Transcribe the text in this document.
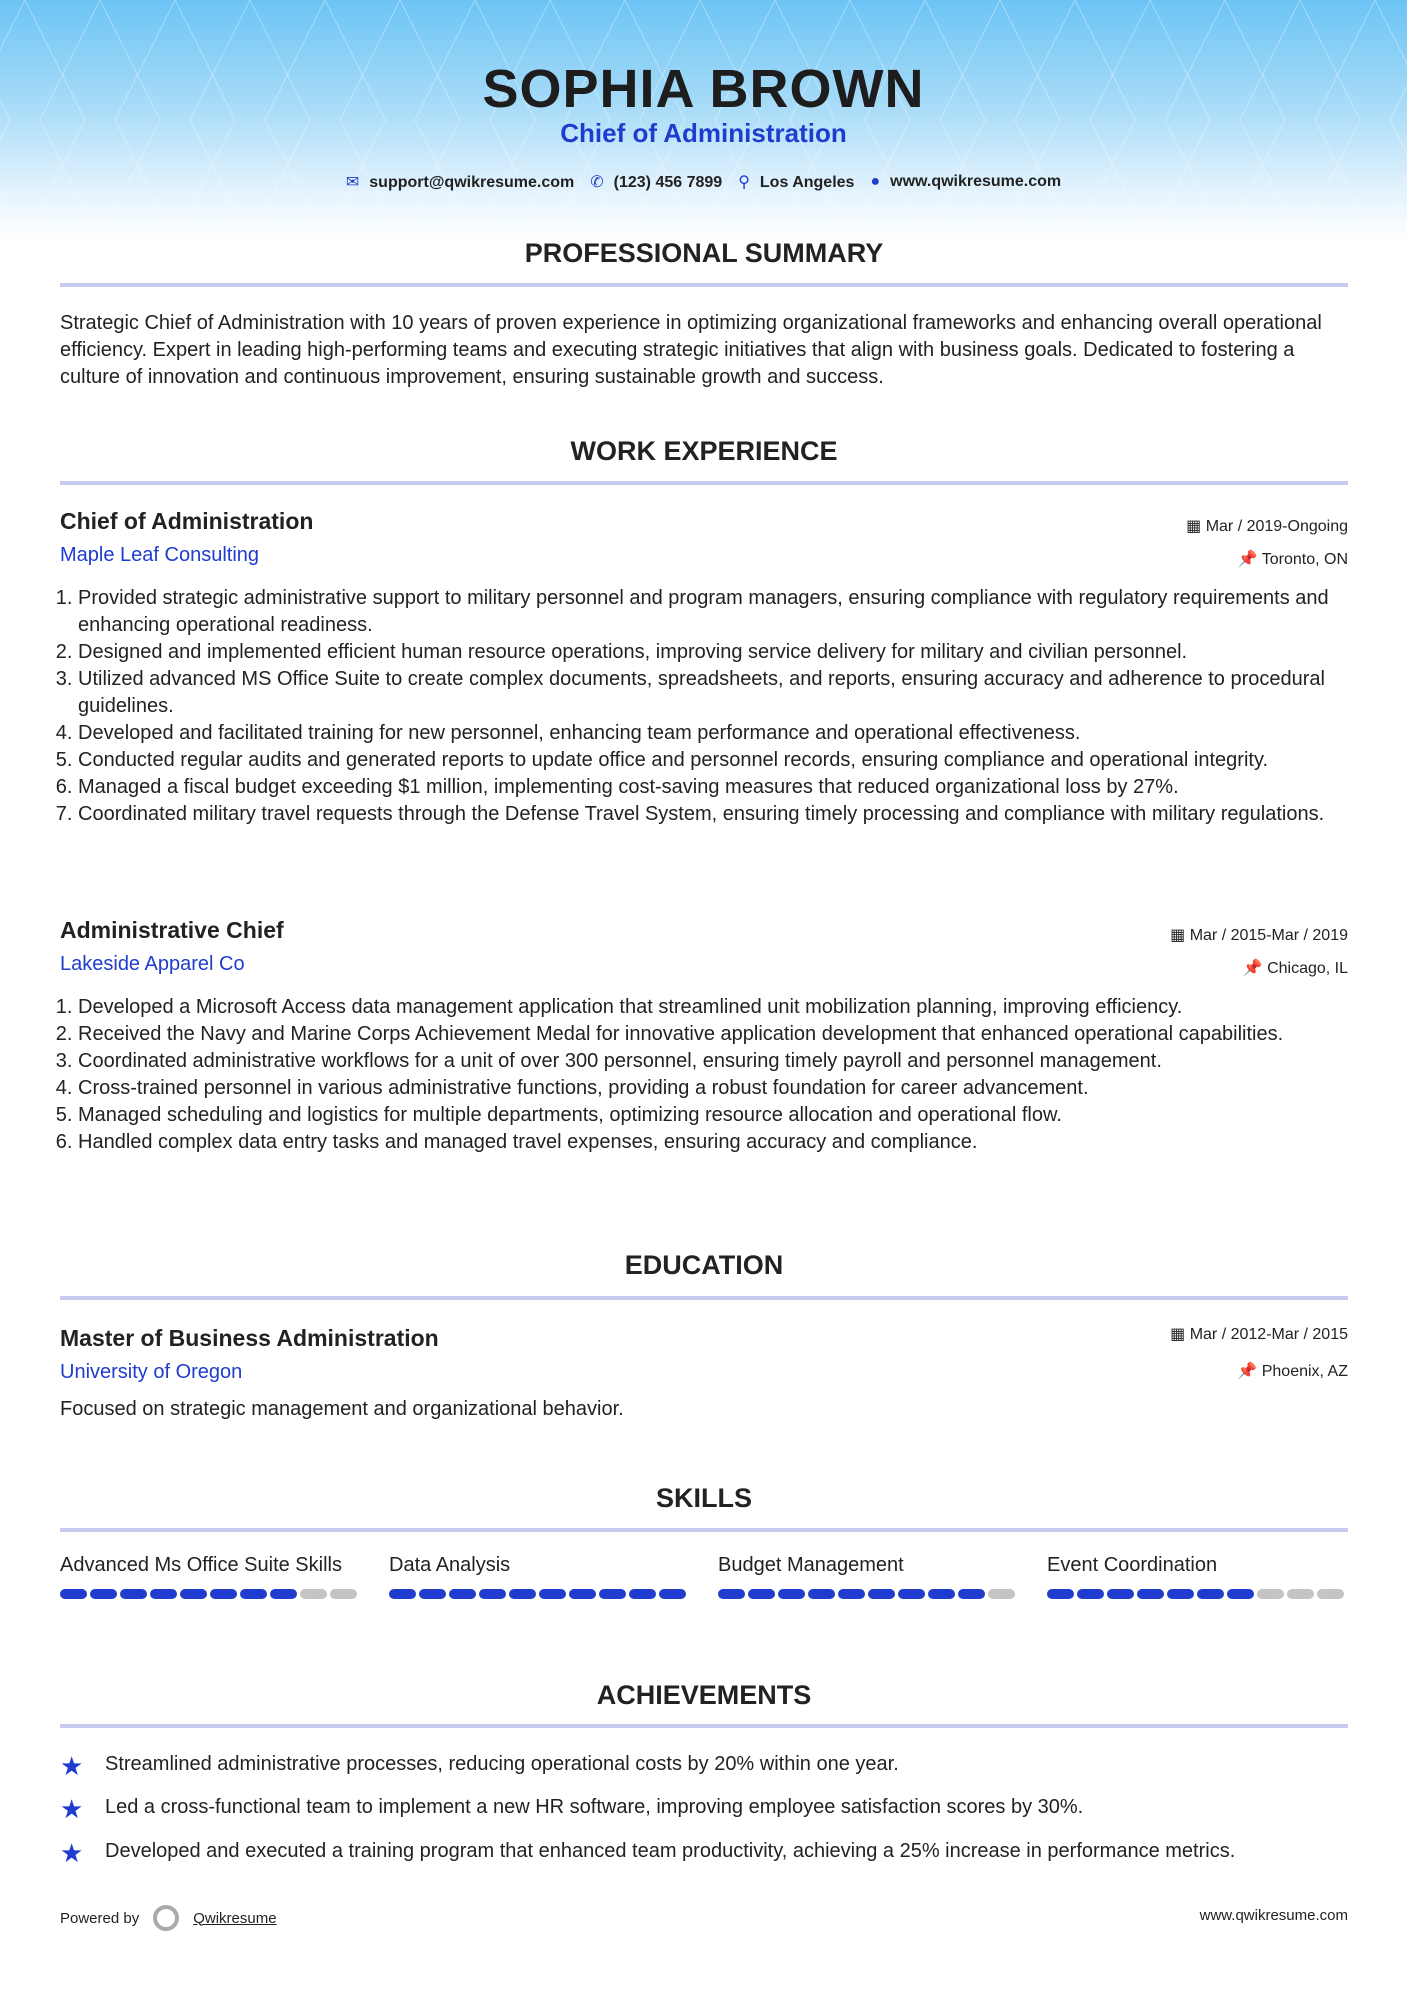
SOPHIA BROWN
Chief of Administration
✉ support@qwikresume.com ✆ (123) 456 7899 ⚲ Los Angeles ● www.qwikresume.com
PROFESSIONAL SUMMARY
Strategic Chief of Administration with 10 years of proven experience in optimizing organizational frameworks and enhancing overall operational efficiency. Expert in leading high-performing teams and executing strategic initiatives that align with business goals. Dedicated to fostering a culture of innovation and continuous improvement, ensuring sustainable growth and success.
WORK EXPERIENCE
Chief of Administration	▦ Mar / 2019-Ongoing
Maple Leaf Consulting	📌 Toronto, ON
1. Provided strategic administrative support to military personnel and program managers, ensuring compliance with regulatory requirements and enhancing operational readiness.
2. Designed and implemented efficient human resource operations, improving service delivery for military and civilian personnel.
3. Utilized advanced MS Office Suite to create complex documents, spreadsheets, and reports, ensuring accuracy and adherence to procedural guidelines.
4. Developed and facilitated training for new personnel, enhancing team performance and operational effectiveness.
5. Conducted regular audits and generated reports to update office and personnel records, ensuring compliance and operational integrity.
6. Managed a fiscal budget exceeding $1 million, implementing cost-saving measures that reduced organizational loss by 27%.
7. Coordinated military travel requests through the Defense Travel System, ensuring timely processing and compliance with military regulations.
Administrative Chief	▦ Mar / 2015-Mar / 2019
Lakeside Apparel Co	📌 Chicago, IL
1. Developed a Microsoft Access data management application that streamlined unit mobilization planning, improving efficiency.
2. Received the Navy and Marine Corps Achievement Medal for innovative application development that enhanced operational capabilities.
3. Coordinated administrative workflows for a unit of over 300 personnel, ensuring timely payroll and personnel management.
4. Cross-trained personnel in various administrative functions, providing a robust foundation for career advancement.
5. Managed scheduling and logistics for multiple departments, optimizing resource allocation and operational flow.
6. Handled complex data entry tasks and managed travel expenses, ensuring accuracy and compliance.
EDUCATION
Master of Business Administration	▦ Mar / 2012-Mar / 2015
University of Oregon	📌 Phoenix, AZ
Focused on strategic management and organizational behavior.
SKILLS
Advanced Ms Office Suite Skills	Data Analysis	Budget Management	Event Coordination
ACHIEVEMENTS
★ Streamlined administrative processes, reducing operational costs by 20% within one year.
★ Led a cross-functional team to implement a new HR software, improving employee satisfaction scores by 30%.
★ Developed and executed a training program that enhanced team productivity, achieving a 25% increase in performance metrics.
Powered by	Qwikresume	www.qwikresume.com
